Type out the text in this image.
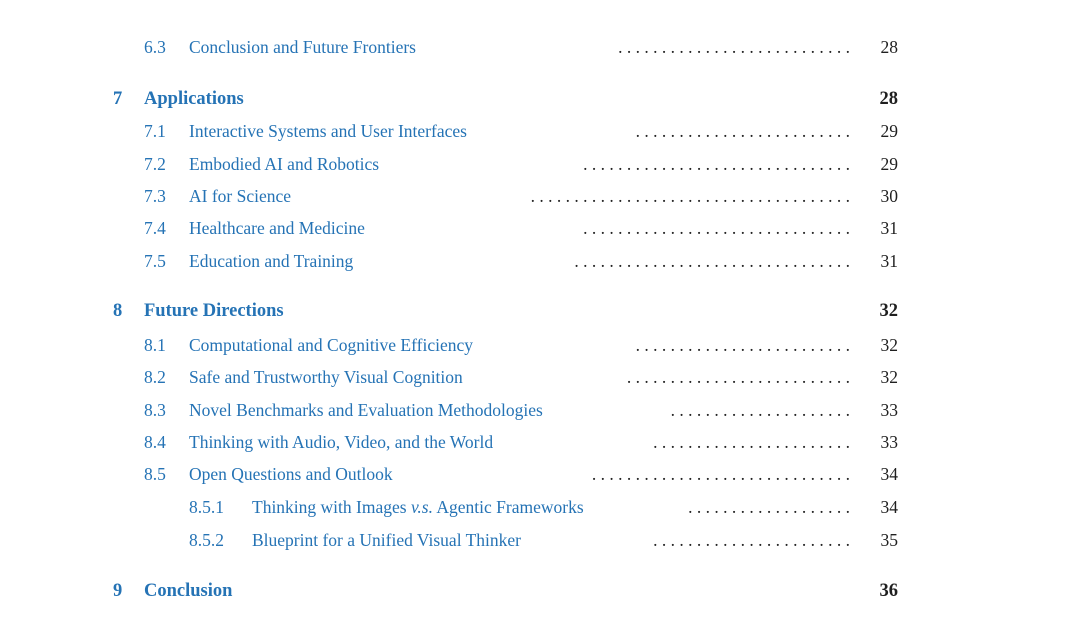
6.3 Conclusion and Future Frontiers	. . . . . . . . . . . . . . . . . . . . . . . . . . .	28
7 Applications	28
7.1 Interactive Systems and User Interfaces	. . . . . . . . . . . . . . . . . . . . . . . . .	29
7.2 Embodied AI and Robotics	. . . . . . . . . . . . . . . . . . . . . . . . . . . . . . .	29
7.3 AI for Science	. . . . . . . . . . . . . . . . . . . . . . . . . . . . . . . . . . . . .	30
7.4 Healthcare and Medicine	. . . . . . . . . . . . . . . . . . . . . . . . . . . . . . .	31
7.5 Education and Training	. . . . . . . . . . . . . . . . . . . . . . . . . . . . . . . .	31
8 Future Directions	32
8.1 Computational and Cognitive Efficiency	. . . . . . . . . . . . . . . . . . . . . . . . .	32
8.2 Safe and Trustworthy Visual Cognition	. . . . . . . . . . . . . . . . . . . . . . . . . .	32
8.3 Novel Benchmarks and Evaluation Methodologies	. . . . . . . . . . . . . . . . . . . . .	33
8.4 Thinking with Audio, Video, and the World	. . . . . . . . . . . . . . . . . . . . . . .	33
8.5 Open Questions and Outlook	. . . . . . . . . . . . . . . . . . . . . . . . . . . . . .	34
8.5.1 Thinking with Images v.s. Agentic Frameworks	. . . . . . . . . . . . . . . . . . .	34
8.5.2 Blueprint for a Unified Visual Thinker	. . . . . . . . . . . . . . . . . . . . . . .	35
9 Conclusion	36
